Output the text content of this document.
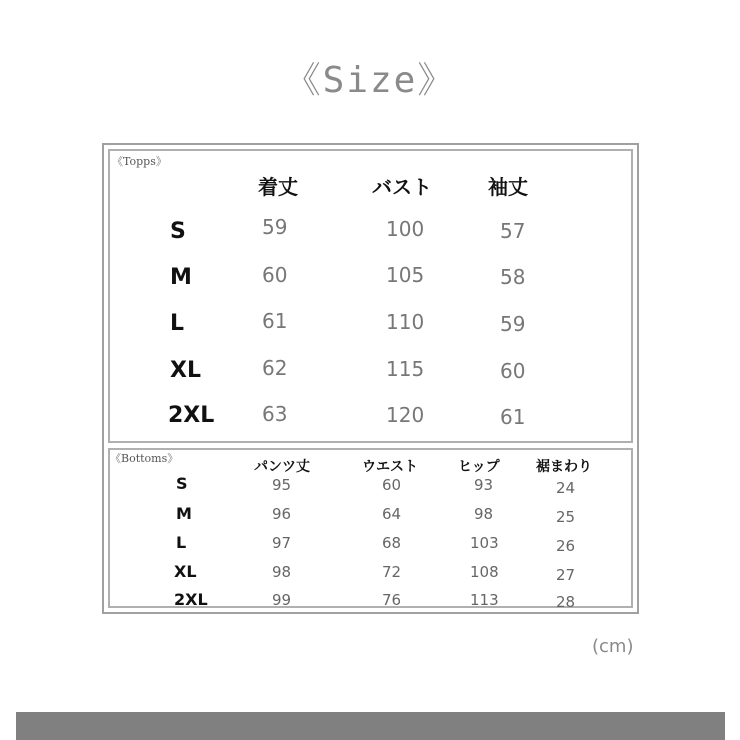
《Size》
《Topps》
着丈	バスト	袖丈
S	59	100	57
M	60	105	58
L	61	110	59
XL	62	115	60
2XL 63	120	61
《Bottoms》
パンツ丈	ウエスト	ヒップ	裾まわり
S	95	60	93	24
M	96	64	98	25
L	97	68	103	26
XL	98	72	108	27
2XL	99	76	113	28
(cm)
